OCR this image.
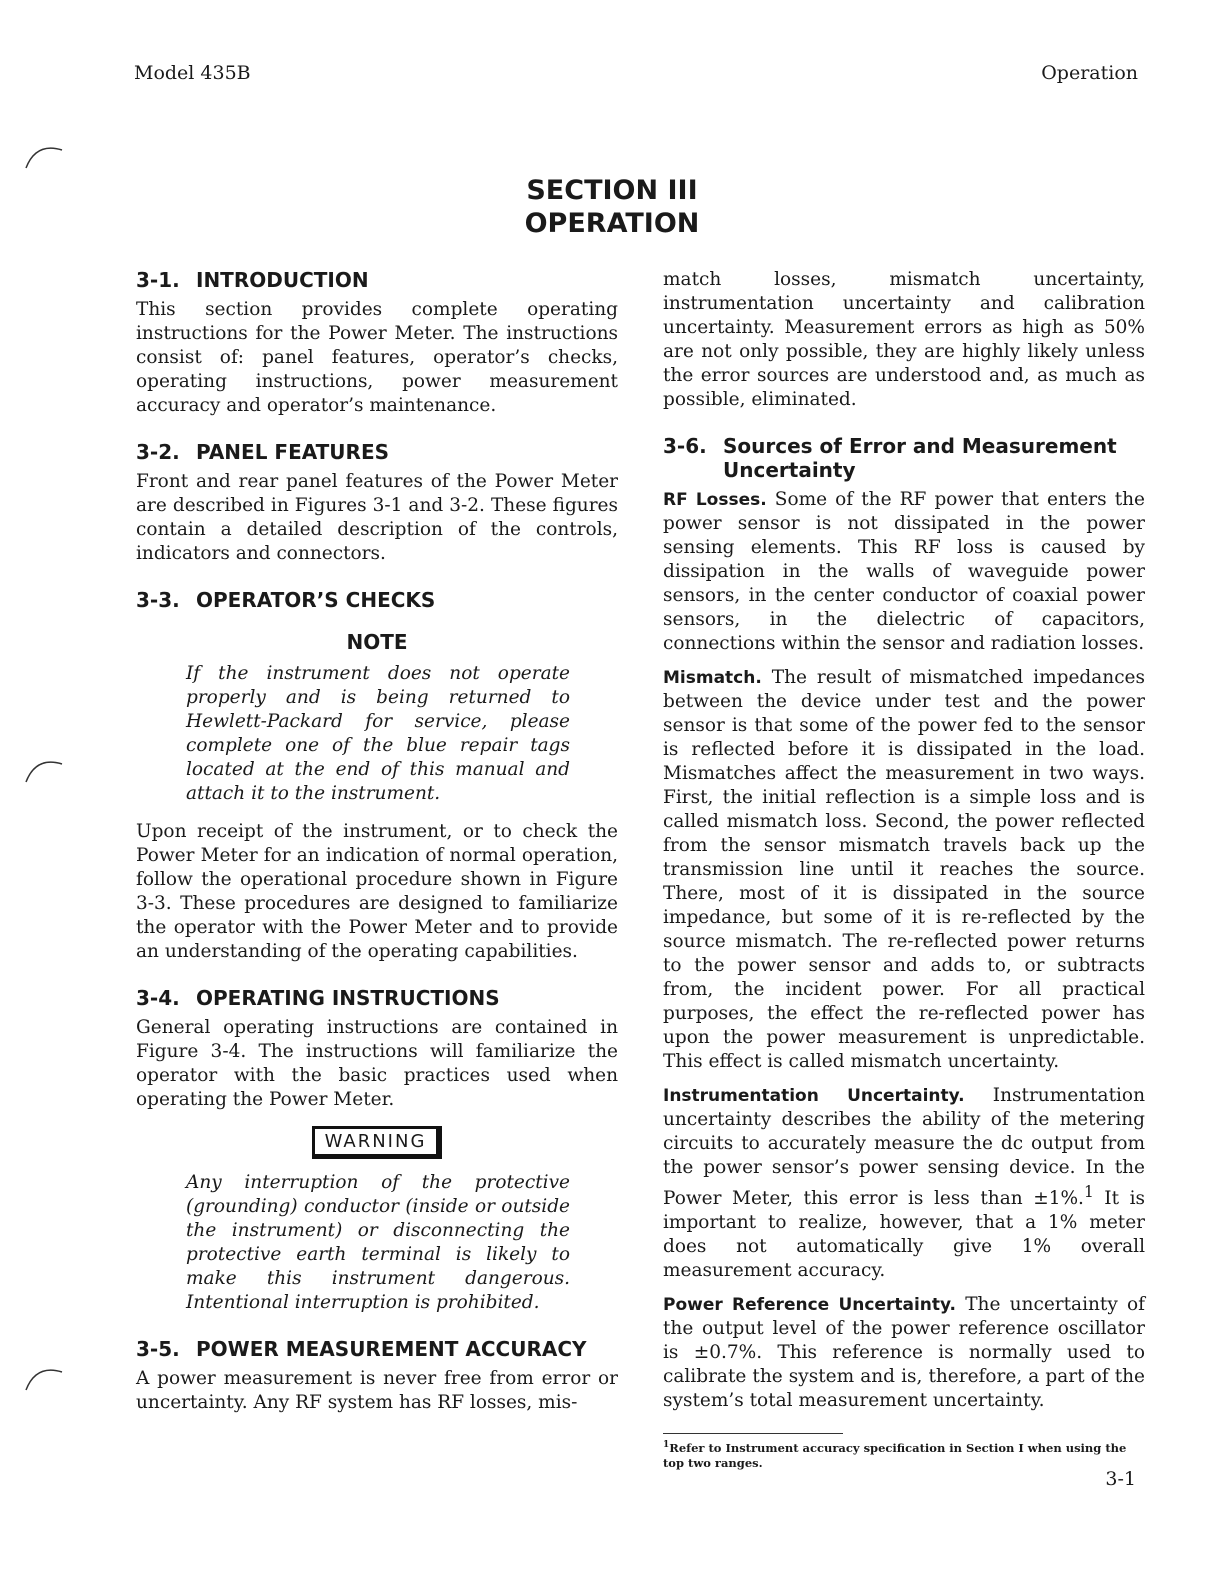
Model 435B	Operation
SECTION III
OPERATION
3-1. INTRODUCTION

This section provides complete operating instructions for the Power Meter. The instructions consist of: panel features, operator’s checks, operating instructions, power measurement accuracy and operator’s maintenance.

3-2. PANEL FEATURES

Front and rear panel features of the Power Meter are described in Figures 3-1 and 3-2. These figures contain a detailed description of the controls, indicators and connectors.

3-3. OPERATOR’S CHECKS
NOTE

If the instrument does not operate properly and is being returned to Hewlett-Packard for service, please complete one of the blue repair tags located at the end of this manual and attach it to the instrument.

Upon receipt of the instrument, or to check the Power Meter for an indication of normal operation, follow the operational procedure shown in Figure 3-3. These procedures are designed to familiarize the operator with the Power Meter and to provide an understanding of the operating capabilities.

3-4. OPERATING INSTRUCTIONS

General operating instructions are contained in Figure 3-4. The instructions will familiarize the operator with the basic practices used when operating the Power Meter.

WARNING

Any interruption of the protective (grounding) conductor (inside or outside the instrument) or disconnecting the protective earth terminal is likely to make this instrument dangerous. Intentional interruption is prohibited.

3-5. POWER MEASUREMENT ACCURACY

A power measurement is never free from error or uncertainty. Any RF system has RF losses, mis-

match losses, mismatch uncertainty, instrumentation uncertainty and calibration uncertainty. Measurement errors as high as 50% are not only possible, they are highly likely unless the error sources are understood and, as much as possible, eliminated.

3-6. Sources of Error and Measurement
Uncertainty

RF Losses. Some of the RF power that enters the power sensor is not dissipated in the power sensing elements. This RF loss is caused by dissipation in the walls of waveguide power sensors, in the center conductor of coaxial power sensors, in the dielectric of capacitors, connections within the sensor and radiation losses.

Mismatch. The result of mismatched impedances between the device under test and the power sensor is that some of the power fed to the sensor is reflected before it is dissipated in the load. Mismatches affect the measurement in two ways. First, the initial reflection is a simple loss and is called mismatch loss. Second, the power reflected from the sensor mismatch travels back up the transmission line until it reaches the source. There, most of it is dissipated in the source impedance, but some of it is re-reflected by the source mismatch. The re-reflected power returns to the power sensor and adds to, or subtracts from, the incident power. For all practical purposes, the effect the re-reflected power has upon the power measurement is unpredictable. This effect is called mismatch uncertainty.

Instrumentation Uncertainty. Instrumentation uncertainty describes the ability of the metering circuits to accurately measure the dc output from the power sensor’s power sensing device. In the Power Meter, this error is less than ±1%.$^1$ It is important to realize, however, that a 1% meter does not automatically give 1% overall measurement accuracy.

Power Reference Uncertainty. The uncertainty of the output level of the power reference oscillator is ±0.7%. This reference is normally used to calibrate the system and is, therefore, a part of the system’s total measurement uncertainty.

$^1$Refer to Instrument accuracy specification in Section I when using the top two ranges.
3-1
